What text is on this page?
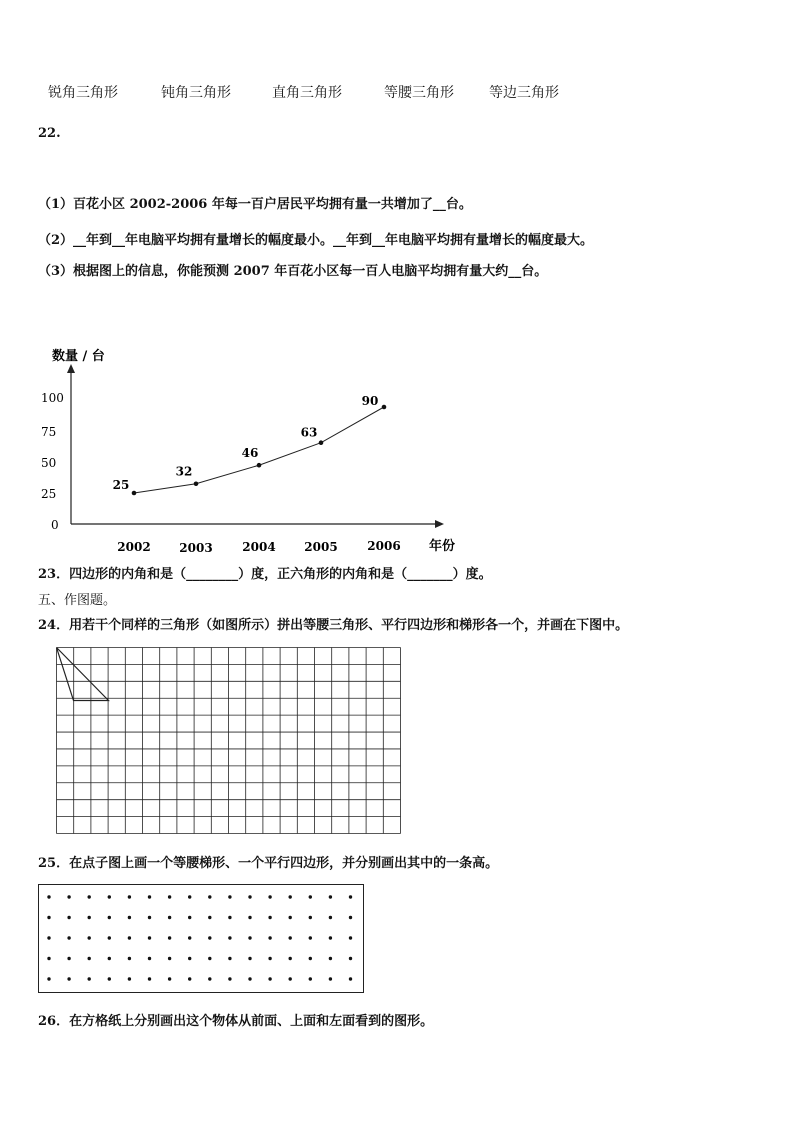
锐角三角形	钝角三角形	直角三角形	等腰三角形	等边三角形
22.
（1）百花小区 2002-2006 年每一百户居民平均拥有量一共增加了__台。
（2）__年到__年电脑平均拥有量增长的幅度最小。__年到__年电脑平均拥有量增长的幅度最大。
（3）根据图上的信息，你能预测 2007 年百花小区每一百人电脑平均拥有量大约__台。
数量 / 台
年份
0
25
50
75
100
2002 2003 2004 2005 2006
25
32
46
63
90
23．四边形的内角和是（________）度，正六角形的内角和是（_______）度。
五、作图题。
24．用若干个同样的三角形（如图所示）拼出等腰三角形、平行四边形和梯形各一个，并画在下图中。
25．在点子图上画一个等腰梯形、一个平行四边形，并分别画出其中的一条高。
26．在方格纸上分别画出这个物体从前面、上面和左面看到的图形。
